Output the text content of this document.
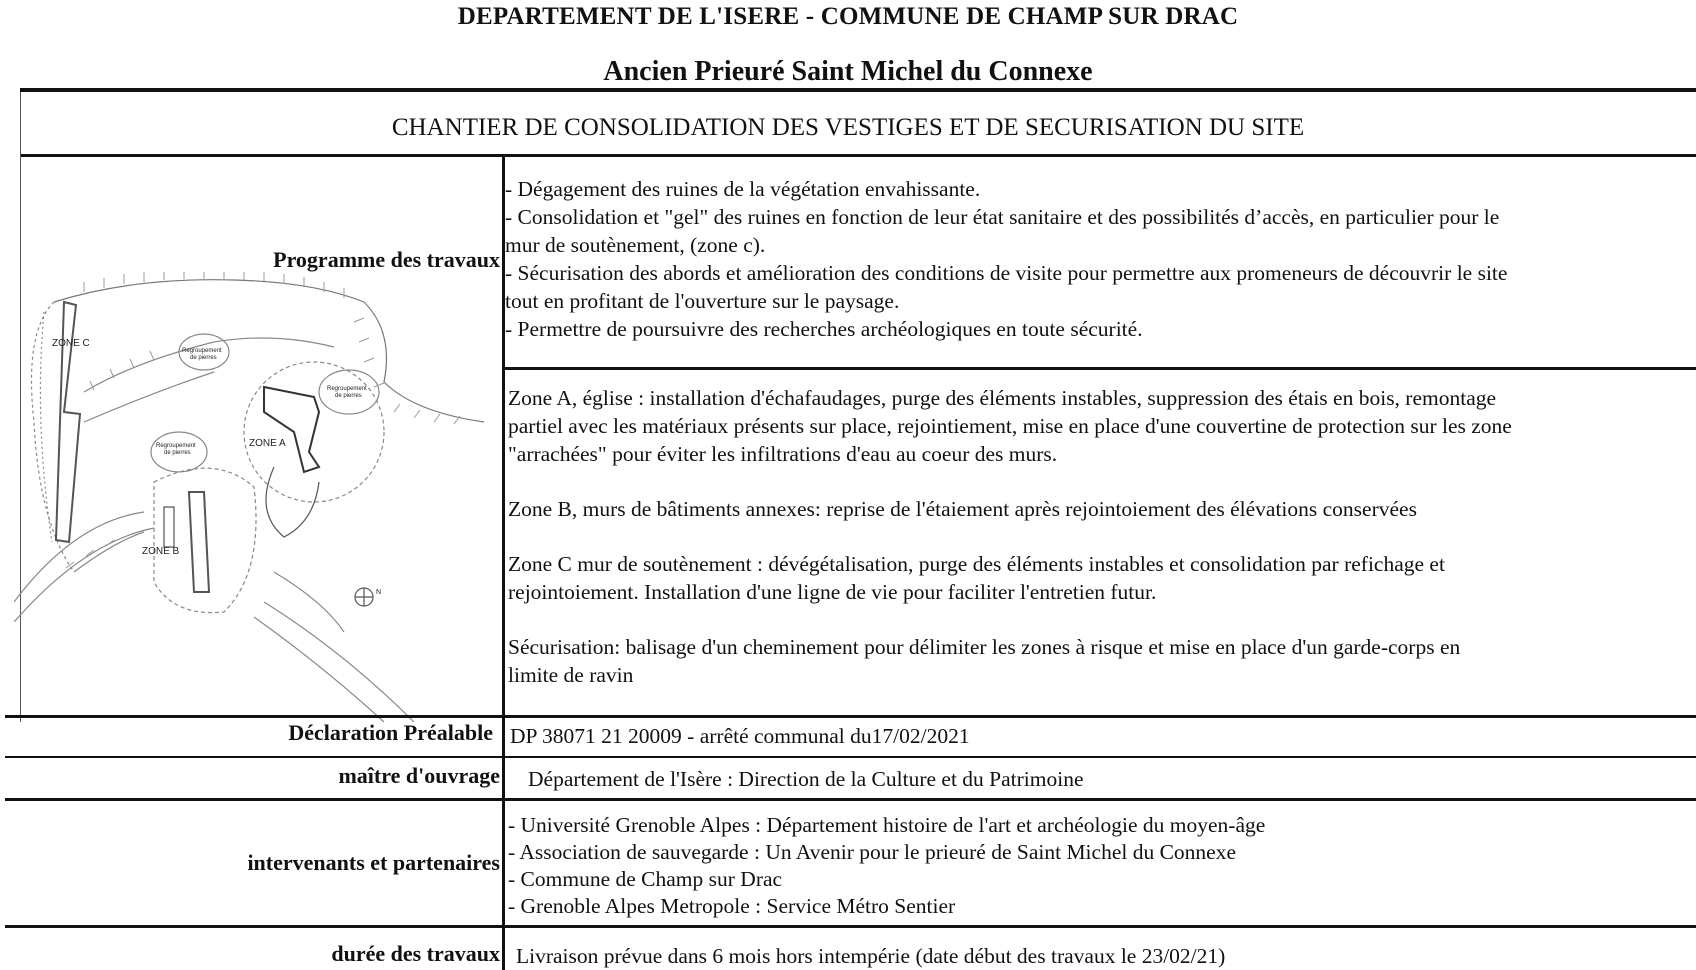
DEPARTEMENT DE L'ISERE - COMMUNE DE CHAMP SUR DRAC
Ancien Prieuré Saint Michel du Connexe
CHANTIER DE CONSOLIDATION DES VESTIGES ET DE SECURISATION DU SITE
Programme des travaux
- Dégagement des ruines de la végétation envahissante.
- Consolidation et "gel" des ruines en fonction de leur état sanitaire et des possibilités d’accès, en particulier pour le
mur de soutènement, (zone c).
- Sécurisation des abords et amélioration des conditions de visite pour permettre aux promeneurs de découvrir le site
tout en profitant de l'ouverture sur le paysage.
- Permettre de poursuivre des recherches archéologiques en toute sécurité.
Zone A, église : installation d'échafaudages, purge des éléments instables, suppression des étais en bois, remontage
partiel avec les matériaux présents sur place, rejointiement, mise en place d'une couvertine de protection sur les zone
"arrachées" pour éviter les infiltrations d'eau au coeur des murs.
Zone B, murs de bâtiments annexes: reprise de l'étaiement après rejointoiement des élévations conservées
Zone C mur de soutènement : dévégétalisation, purge des éléments instables et consolidation par refichage et
rejointoiement. Installation d'une ligne de vie pour faciliter l'entretien futur.
Sécurisation: balisage d'un cheminement pour délimiter les zones à risque et mise en place d'un garde-corps en
limite de ravin
ZONE C
ZONE A
ZONE B
Regroupement
de pierres
Regroupement
de pierres
Regroupement
de pierres
N
Déclaration Préalable DP 38071 21 20009 - arrêté communal du17/02/2021
maître d'ouvrage Département de l'Isère : Direction de la Culture et du Patrimoine
intervenants et partenaires
- Université Grenoble Alpes : Département histoire de l'art et archéologie du moyen-âge
- Association de sauvegarde : Un Avenir pour le prieuré de Saint Michel du Connexe
- Commune de Champ sur Drac
- Grenoble Alpes Metropole : Service Métro Sentier
durée des travaux Livraison prévue dans 6 mois hors intempérie (date début des travaux le 23/02/21)
